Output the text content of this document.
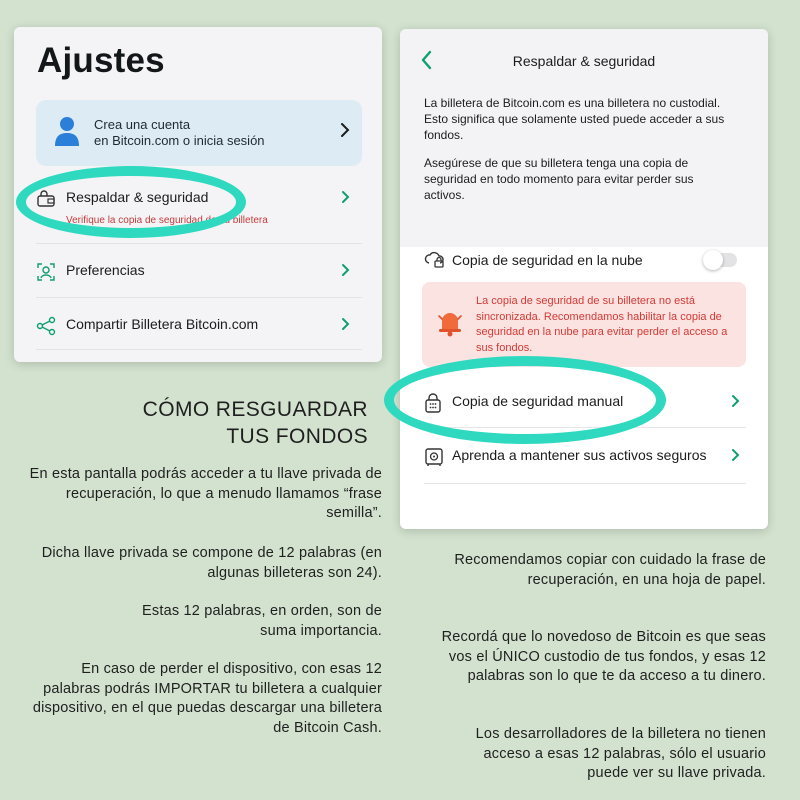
Ajustes
Crea una cuenta
en Bitcoin.com o inicia sesión
Respaldar & seguridad
Verifique la copia de seguridad de su billetera
Preferencias
Compartir Billetera Bitcoin.com
Respaldar & seguridad
La billetera de Bitcoin.com es una billetera no custodial. Esto significa que solamente usted puede acceder a sus fondos.
Asegúrese de que su billetera tenga una copia de seguridad en todo momento para evitar perder sus activos.
Copia de seguridad en la nube
La copia de seguridad de su billetera no está sincronizada. Recomendamos habilitar la copia de seguridad en la nube para evitar perder el acceso a sus fondos.
Copia de seguridad manual
Aprenda a mantener sus activos seguros
CÓMO RESGUARDAR
TUS FONDOS
En esta pantalla podrás acceder a tu llave privada de recuperación, lo que a menudo llamamos “frase semilla”.
Dicha llave privada se compone de 12 palabras (en algunas billeteras son 24).
Estas 12 palabras, en orden, son de suma importancia.
En caso de perder el dispositivo, con esas 12 palabras podrás IMPORTAR tu billetera a cualquier dispositivo, en el que puedas descargar una billetera de Bitcoin Cash.
Recomendamos copiar con cuidado la frase de recuperación, en una hoja de papel.
Recordá que lo novedoso de Bitcoin es que seas vos el ÚNICO custodio de tus fondos, y esas 12 palabras son lo que te da acceso a tu dinero.
Los desarrolladores de la billetera no tienen acceso a esas 12 palabras, sólo el usuario puede ver su llave privada.
